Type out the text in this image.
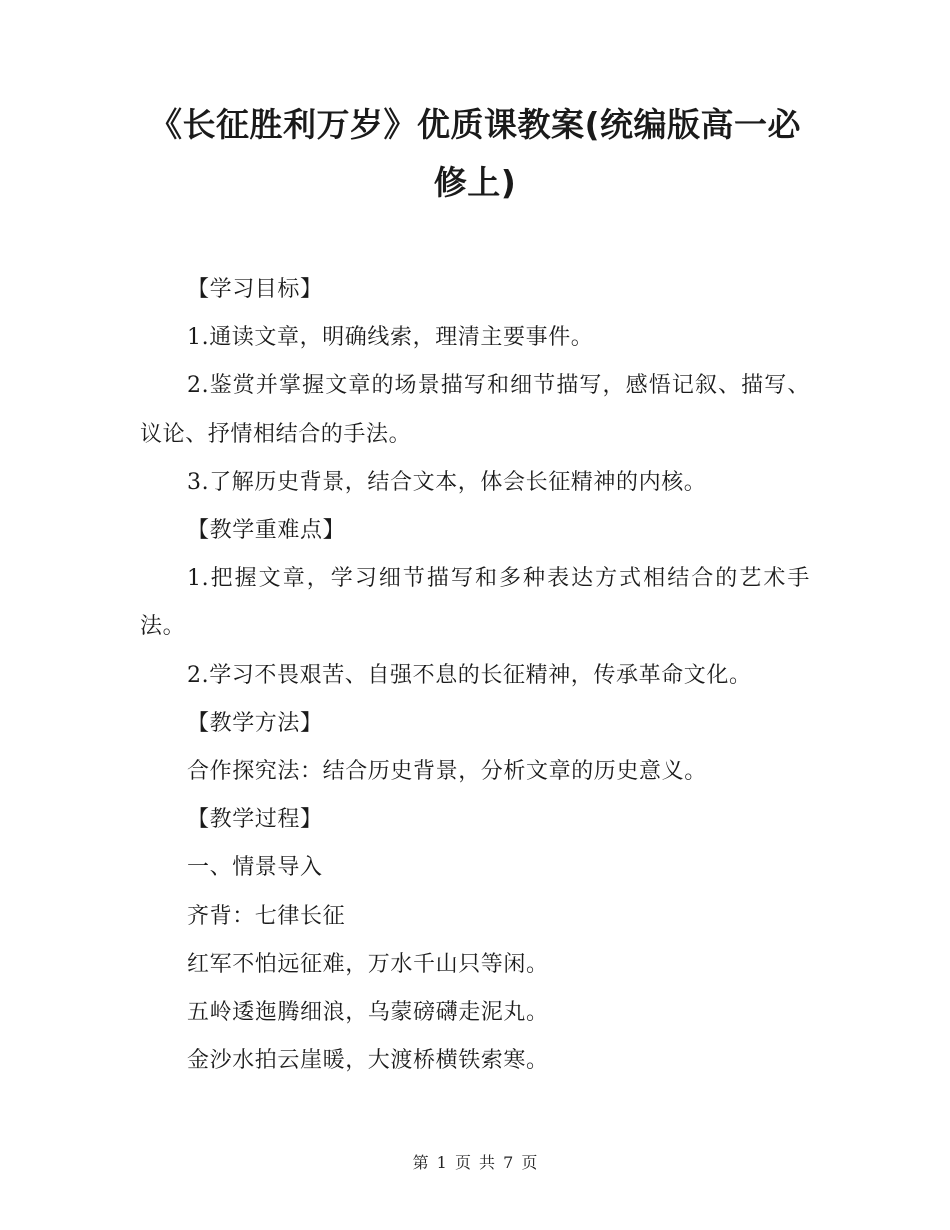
《长征胜利万岁》优质课教案(统编版高一必修上)

【学习目标】

1.通读文章，明确线索，理清主要事件。

2.鉴赏并掌握文章的场景描写和细节描写，感悟记叙、描写、议论、抒情相结合的手法。

3.了解历史背景，结合文本，体会长征精神的内核。

【教学重难点】

1.把握文章，学习细节描写和多种表达方式相结合的艺术手法。

2.学习不畏艰苦、自强不息的长征精神，传承革命文化。

【教学方法】

合作探究法：结合历史背景，分析文章的历史意义。

【教学过程】

一、情景导入

齐背：七律长征

红军不怕远征难，万水千山只等闲。

五岭逶迤腾细浪，乌蒙磅礴走泥丸。

金沙水拍云崖暖，大渡桥横铁索寒。

第 1 页 共 7 页
